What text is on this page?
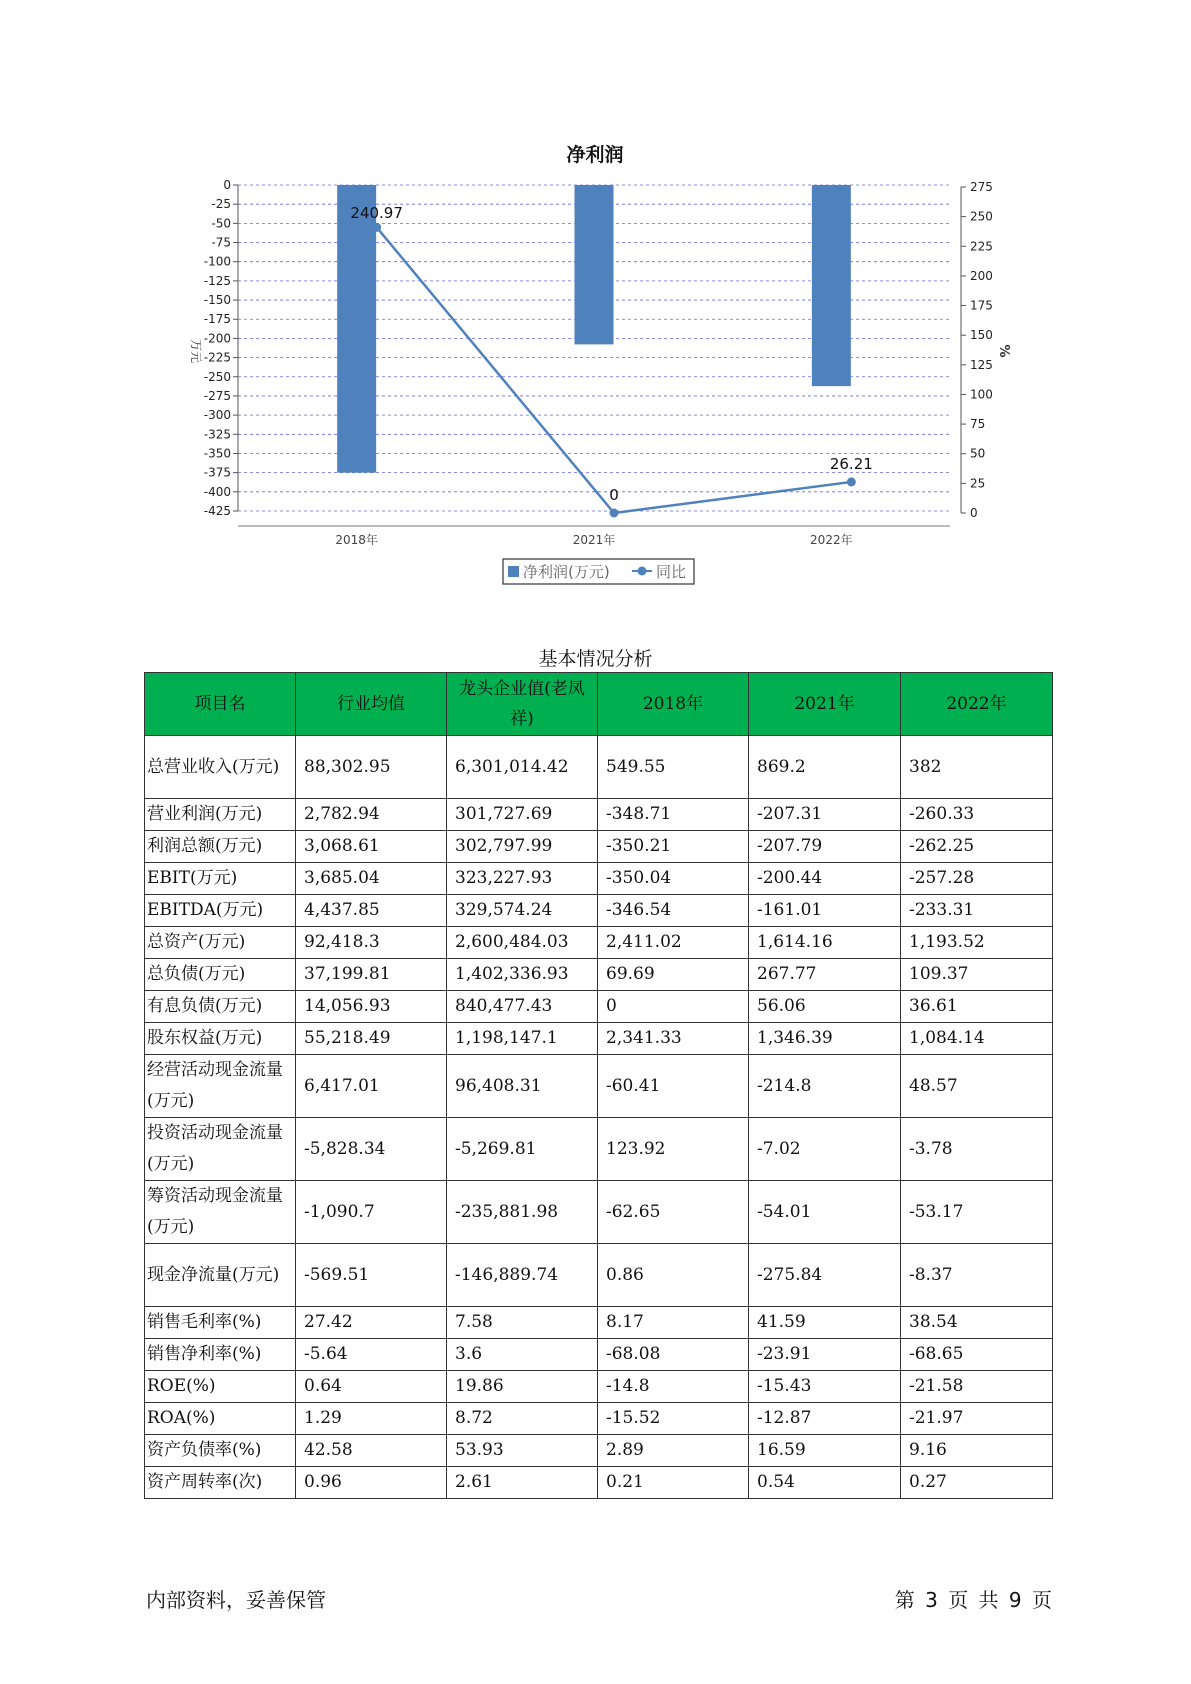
净利润
240.97
0
26.21
0
-25
-50
-75
-100
-125
-150
-175
-200
-225
-250
-275
-300
-325
-350
-375
-400
-425
275
250
225
200
175
150
125
100
75
50
25
0
2018年	2021年	2022年
万元	%
净利润(万元)	同比
基本情况分析
项目名	行业均值	龙头企业值(老凤祥)	2018年	2021年	2022年
总营业收入(万元)	88,302.95	6,301,014.42	549.55	869.2	382
营业利润(万元)	2,782.94	301,727.69	-348.71	-207.31	-260.33
利润总额(万元)	3,068.61	302,797.99	-350.21	-207.79	-262.25
EBIT(万元)	3,685.04	323,227.93	-350.04	-200.44	-257.28
EBITDA(万元)	4,437.85	329,574.24	-346.54	-161.01	-233.31
总资产(万元)	92,418.3	2,600,484.03	2,411.02	1,614.16	1,193.52
总负债(万元)	37,199.81	1,402,336.93	69.69	267.77	109.37
有息负债(万元)	14,056.93	840,477.43	0	56.06	36.61
股东权益(万元)	55,218.49	1,198,147.1	2,341.33	1,346.39	1,084.14
经营活动现金流量(万元)	6,417.01	96,408.31	-60.41	-214.8	48.57
投资活动现金流量(万元)	-5,828.34	-5,269.81	123.92	-7.02	-3.78
筹资活动现金流量(万元)	-1,090.7	-235,881.98	-62.65	-54.01	-53.17
现金净流量(万元)	-569.51	-146,889.74	0.86	-275.84	-8.37
销售毛利率(%)	27.42	7.58	8.17	41.59	38.54
销售净利率(%)	-5.64	3.6	-68.08	-23.91	-68.65
ROE(%)	0.64	19.86	-14.8	-15.43	-21.58
ROA(%)	1.29	8.72	-15.52	-12.87	-21.97
资产负债率(%)	42.58	53.93	2.89	16.59	9.16
资产周转率(次)	0.96	2.61	0.21	0.54	0.27
内部资料，妥善保管	第 3 页 共 9 页
